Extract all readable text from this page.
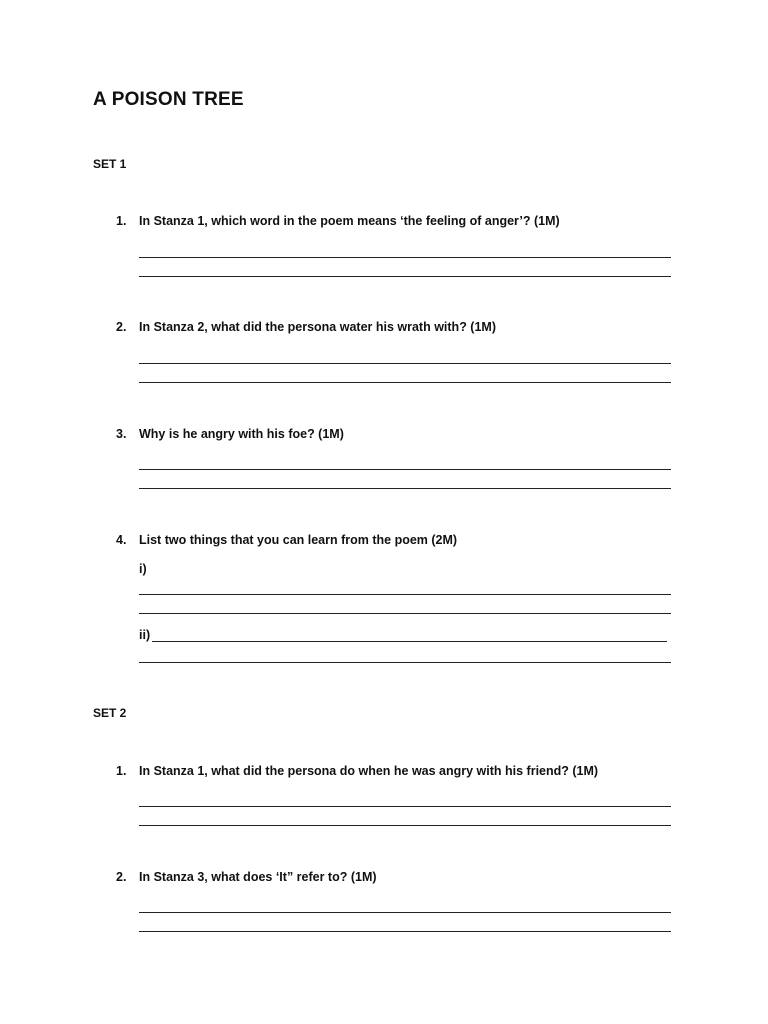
A POISON TREE
SET 1
1. In Stanza 1, which word in the poem means ‘the feeling of anger’? (1M)
2. In Stanza 2, what did the persona water his wrath with? (1M)
3. Why is he angry with his foe? (1M)
4. List two things that you can learn from the poem (2M)
i)
ii)
SET 2
1. In Stanza 1, what did the persona do when he was angry with his friend? (1M)
2. In Stanza 3, what does ‘It” refer to? (1M)
